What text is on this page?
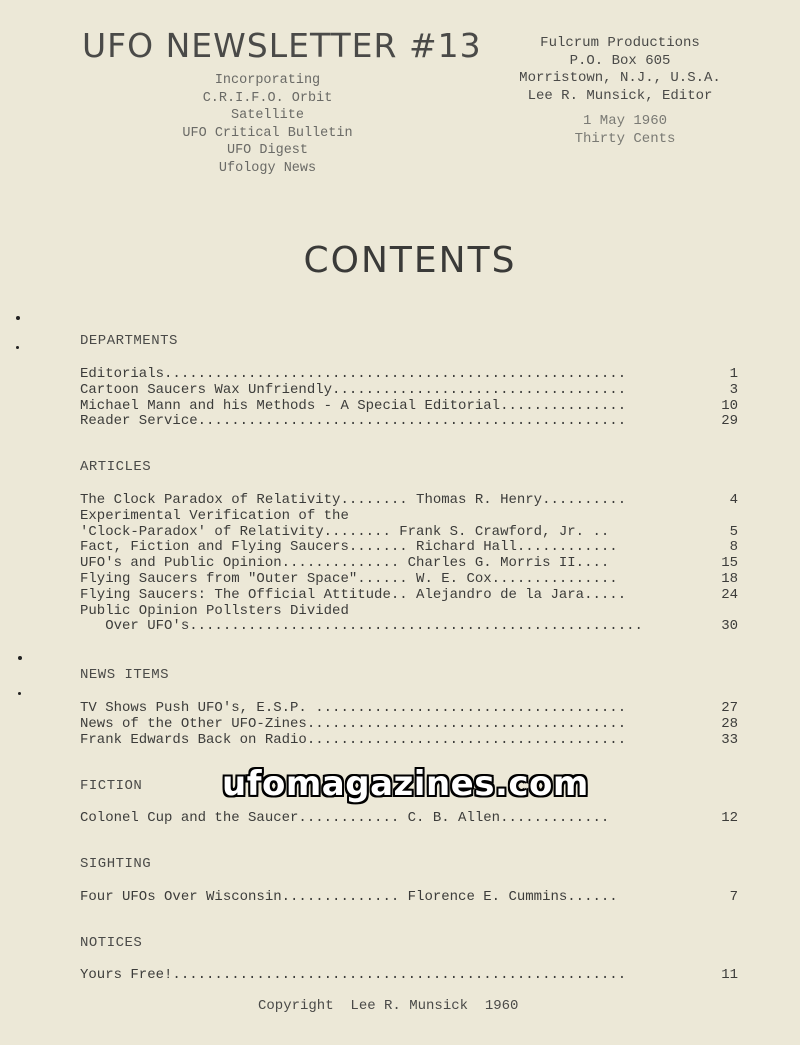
UFO NEWSLETTER #13
Incorporating
C.R.I.F.O. Orbit
Satellite
UFO Critical Bulletin
UFO Digest
Ufology News
Fulcrum Productions
P.O. Box 605
Morristown, N.J., U.S.A.
Lee R. Munsick, Editor
1 May 1960
Thirty Cents
CONTENTS
DEPARTMENTS
Editorials.......................................................	1
Cartoon Saucers Wax Unfriendly...................................	3
Michael Mann and his Methods - A Special Editorial...............	10
Reader Service...................................................	29
ARTICLES
The Clock Paradox of Relativity........ Thomas R. Henry..........	4
Experimental Verification of the
'Clock-Paradox' of Relativity........ Frank S. Crawford, Jr. ..	5
Fact, Fiction and Flying Saucers....... Richard Hall............	8
UFO's and Public Opinion.............. Charles G. Morris II....	15
Flying Saucers from "Outer Space"...... W. E. Cox...............	18
Flying Saucers: The Official Attitude.. Alejandro de la Jara.....	24
Public Opinion Pollsters Divided
Over UFO's......................................................	30
NEWS ITEMS
TV Shows Push UFO's, E.S.P. .....................................	27
News of the Other UFO-Zines......................................	28
Frank Edwards Back on Radio......................................	33
FICTION
Colonel Cup and the Saucer............ C. B. Allen.............	12
SIGHTING
Four UFOs Over Wisconsin.............. Florence E. Cummins......	7
NOTICES
Yours Free!......................................................	11
Copyright  Lee R. Munsick  1960
ufomagazines.com
